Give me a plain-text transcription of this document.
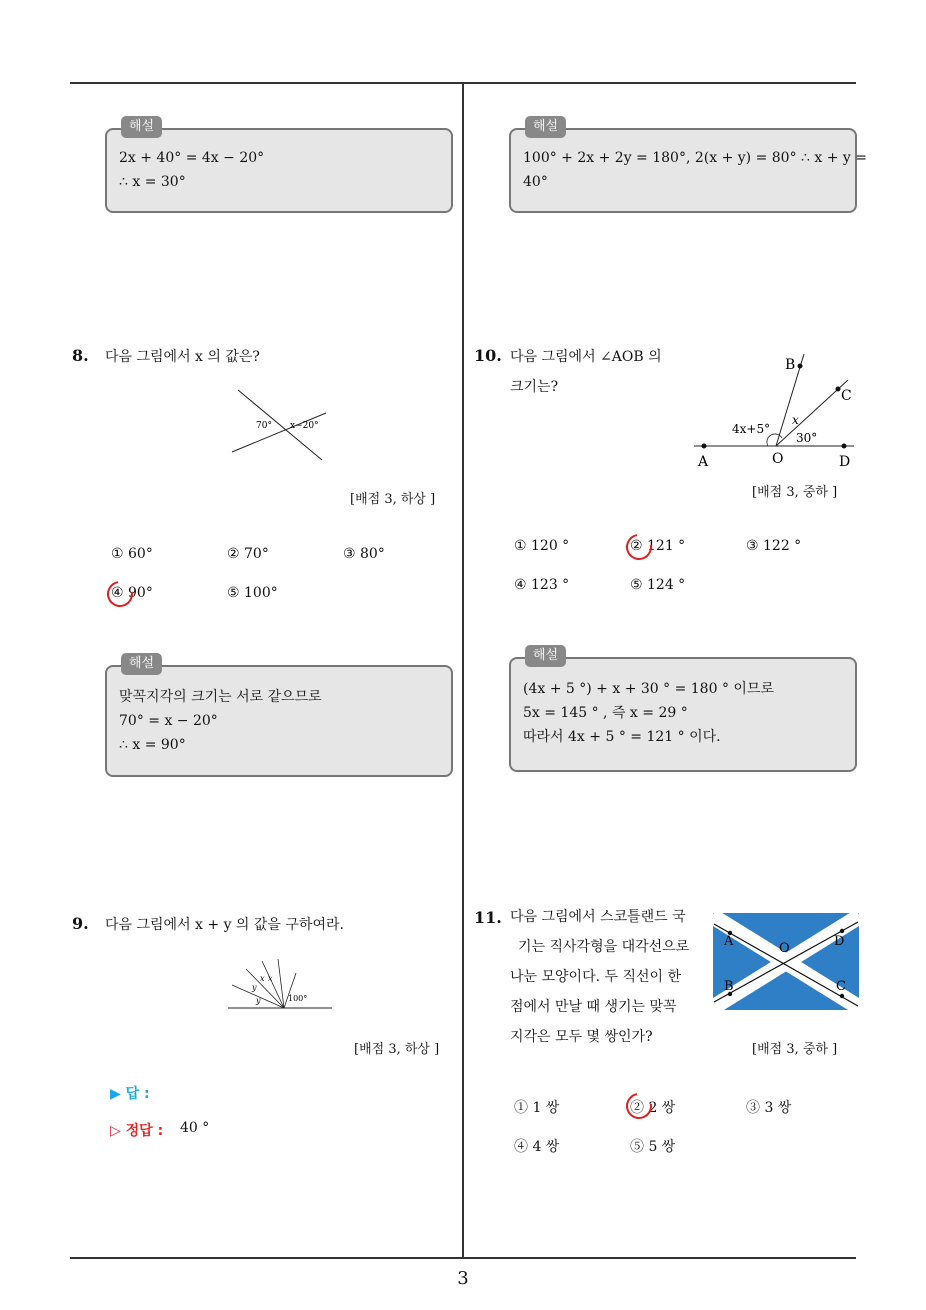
3
해설
2x + 40° = 4x − 20°
∴ x = 30°
해설
100° + 2x + 2y = 180°, 2(x + y) = 80° ∴ x + y =
40°
8. 다음 그림에서 x 의 값은?
70° x−20°
[배점 3, 하상 ]
① 60°	② 70°	③ 80°
④ 90°	⑤ 100°
해설
맞꼭지각의 크기는 서로 같으므로
70° = x − 20°
∴ x = 90°
9. 다음 그림에서 x + y 의 값을 구하여라.
x x
y
y	100°
[배점 3, 하상 ]
▶ 답 :
▷ 정답 : 40 °
10. 다음 그림에서 ∠AOB 의
크기는?
B
C
A	O	D
4x+5°
x
30°
[배점 3, 중하 ]
① 120 °	② 121 °	③ 122 °
④ 123 °	⑤ 124 °
해설
(4x + 5 °) + x + 30 ° = 180 ° 이므로
5x = 145 ° , 즉 x = 29 °
따라서 4x + 5 ° = 121 ° 이다.
11. 다음 그림에서 스코틀랜드 국
기는 직사각형을 대각선으로
나눈 모양이다. 두 직선이 한
점에서 만날 때 생기는 맞꼭
지각은 모두 몇 쌍인가?
A	O	D
B	C
[배점 3, 중하 ]
① 1 쌍	② 2 쌍	③ 3 쌍
④ 4 쌍	⑤ 5 쌍
